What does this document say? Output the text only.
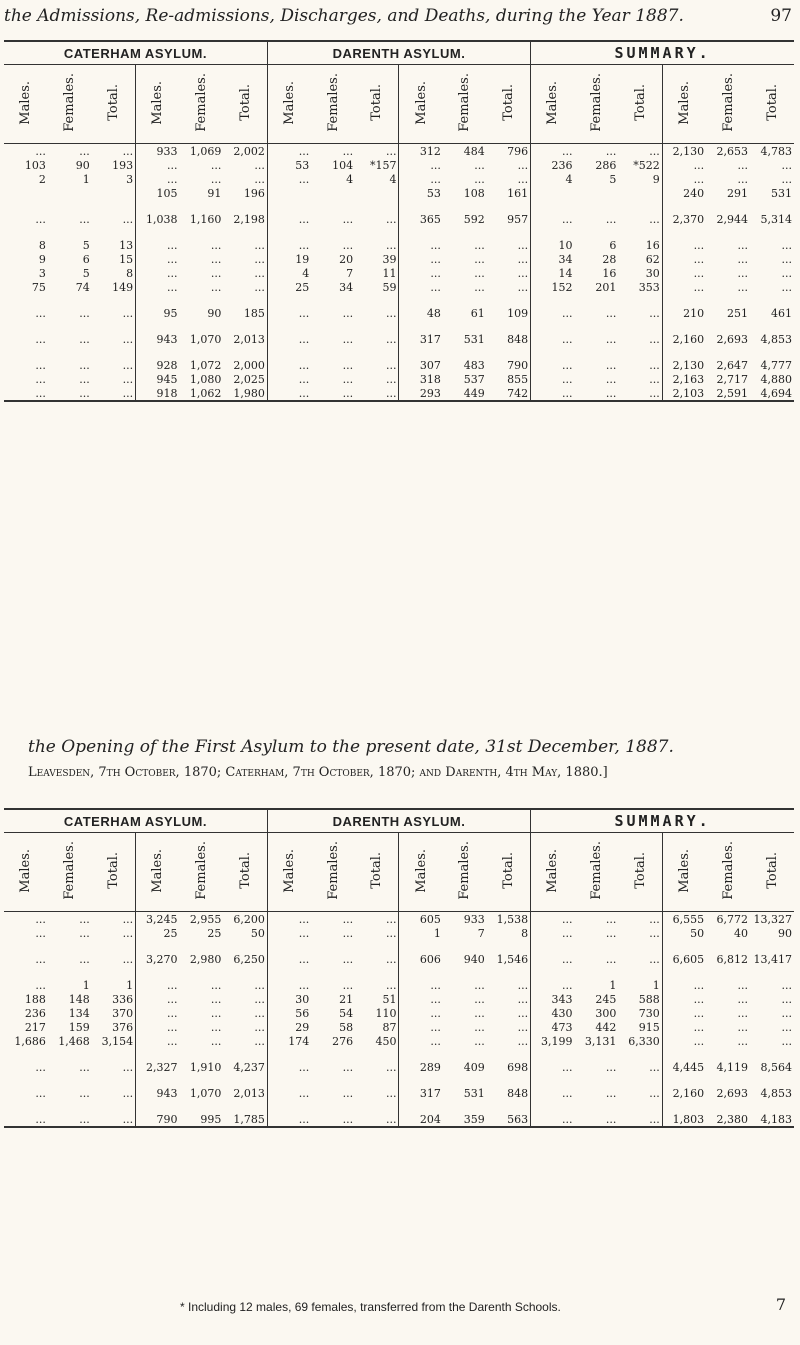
the Admissions, Re-admissions, Discharges, and Deaths, during the Year 1887.	97
CATERHAM ASYLUM.						DARENTH ASYLUM.						SUMMARY.					
Males.	Females.	Total.	Males.	Females.	Total.	Males.	Females.	Total.	Males.	Females.	Total.	Males.	Females.	Total.	Males.	Females.	Total.
...	...	...	933	1,069	2,002	...	...	...	312	484	796	...	...	...	2,130	2,653	4,783
103	90	193	...	...	...	53	104	*157	...	...	...	236	286	*522	...	...	...
2	1	3	...	...	...	...	4	4	...	...	...	4	5	9	...	...	...
			105	91	196				53	108	161				240	291	531

...	...	...	1,038	1,160	2,198	...	...	...	365	592	957	...	...	...	2,370	2,944	5,314

8	5	13	...	...	...	...	...	...	...	...	...	10	6	16	...	...	...
9	6	15	...	...	...	19	20	39	...	...	...	34	28	62	...	...	...
3	5	8	...	...	...	4	7	11	...	...	...	14	16	30	...	...	...
75	74	149	...	...	...	25	34	59	...	...	...	152	201	353	...	...	...

...	...	...	95	90	185	...	...	...	48	61	109	...	...	...	210	251	461

...	...	...	943	1,070	2,013	...	...	...	317	531	848	...	...	...	2,160	2,693	4,853

...	...	...	928	1,072	2,000	...	...	...	307	483	790	...	...	...	2,130	2,647	4,777
...	...	...	945	1,080	2,025	...	...	...	318	537	855	...	...	...	2,163	2,717	4,880
...	...	...	918	1,062	1,980	...	...	...	293	449	742	...	...	...	2,103	2,591	4,694
the Opening of the First Asylum to the present date, 31st December, 1887.
Leavesden, 7th October, 1870; Caterham, 7th October, 1870; and Darenth, 4th May, 1880.]
CATERHAM ASYLUM.						DARENTH ASYLUM.						SUMMARY.					
Males.	Females.	Total.	Males.	Females.	Total.	Males.	Females.	Total.	Males.	Females.	Total.	Males.	Females.	Total.	Males.	Females.	Total.
...	...	...	3,245	2,955	6,200	...	...	...	605	933	1,538	...	...	...	6,555	6,772	13,327
...	...	...	25	25	50	...	...	...	1	7	8	...	...	...	50	40	90

...	...	...	3,270	2,980	6,250	...	...	...	606	940	1,546	...	...	...	6,605	6,812	13,417

...	1	1	...	...	...	...	...	...	...	...	...	...	1	1	...	...	...
188	148	336	...	...	...	30	21	51	...	...	...	343	245	588	...	...	...
236	134	370	...	...	...	56	54	110	...	...	...	430	300	730	...	...	...
217	159	376	...	...	...	29	58	87	...	...	...	473	442	915	...	...	...
1,686	1,468	3,154	...	...	...	174	276	450	...	...	...	3,199	3,131	6,330	...	...	...

...	...	...	2,327	1,910	4,237	...	...	...	289	409	698	...	...	...	4,445	4,119	8,564

...	...	...	943	1,070	2,013	...	...	...	317	531	848	...	...	...	2,160	2,693	4,853

...	...	...	790	995	1,785	...	...	...	204	359	563	...	...	...	1,803	2,380	4,183
* Including 12 males, 69 females, transferred from the Darenth Schools.	7
